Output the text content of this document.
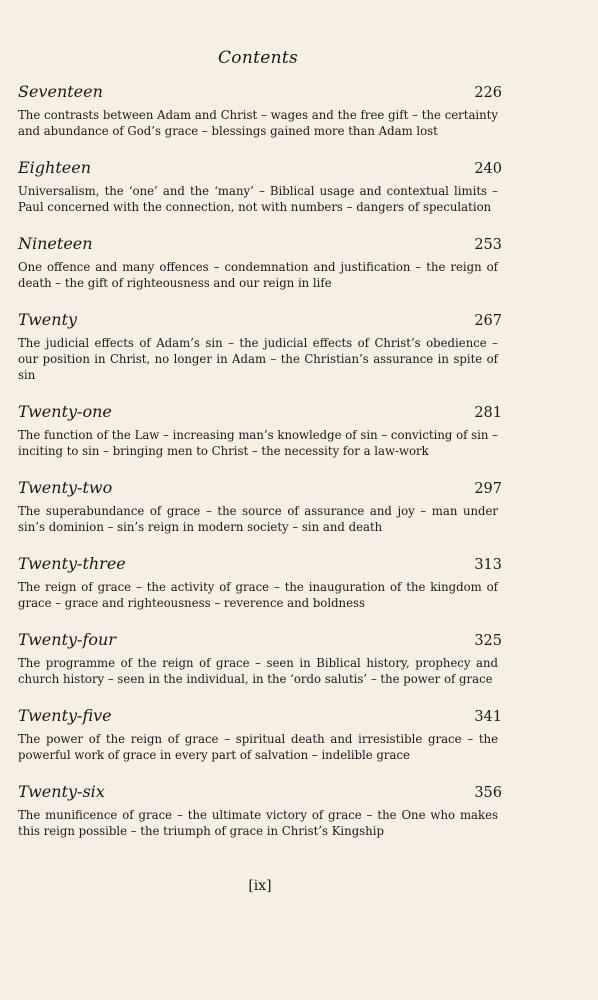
Contents
Seventeen	226
The contrasts between Adam and Christ – wages and the free gift – the certainty and abundance of God’s grace – blessings gained more than Adam lost
Eighteen	240
Universalism, the ‘one’ and the ‘many’ – Biblical usage and contextual limits – Paul concerned with the connection, not with numbers – dangers of speculation
Nineteen	253
One offence and many offences – condemnation and justification – the reign of death – the gift of righteousness and our reign in life
Twenty	267
The judicial effects of Adam’s sin – the judicial effects of Christ’s obedience – our position in Christ, no longer in Adam – the Christian’s assurance in spite of sin
Twenty-one	281
The function of the Law – increasing man’s knowledge of sin – convicting of sin – inciting to sin – bringing men to Christ – the necessity for a law-work
Twenty-two	297
The superabundance of grace – the source of assurance and joy – man under sin’s dominion – sin’s reign in modern society – sin and death
Twenty-three	313
The reign of grace – the activity of grace – the inauguration of the kingdom of grace – grace and righteousness – reverence and boldness
Twenty-four	325
The programme of the reign of grace – seen in Biblical history, prophecy and church history – seen in the individual, in the ‘ordo salutis’ – the power of grace
Twenty-five	341
The power of the reign of grace – spiritual death and irresistible grace – the powerful work of grace in every part of salvation – indelible grace
Twenty-six	356
The munificence of grace – the ultimate victory of grace – the One who makes this reign possible – the triumph of grace in Christ’s Kingship
[ix]
